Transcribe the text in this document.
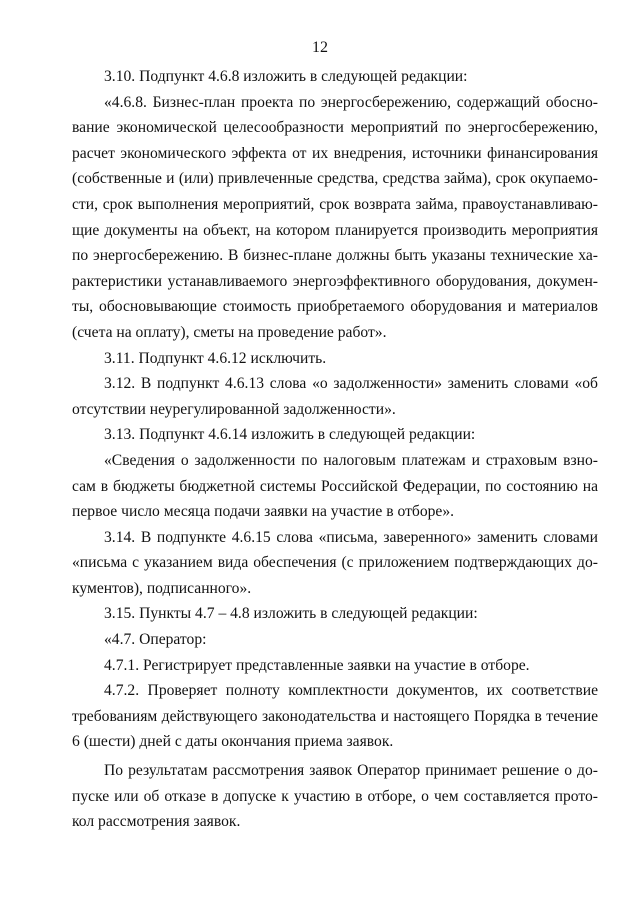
12

3.10. Подпункт 4.6.8 изложить в следующей редакции:

«4.6.8. Бизнес-план проекта по энергосбережению, содержащий обоснование экономической целесообразности мероприятий по энергосбережению, расчет экономического эффекта от их внедрения, источники финансирования (собственные и (или) привлеченные средства, средства займа), срок окупаемости, срок выполнения мероприятий, срок возврата займа, правоустанавливающие документы на объект, на котором планируется производить мероприятия по энергосбережению. В бизнес-плане должны быть указаны технические характеристики устанавливаемого энергоэффективного оборудования, документы, обосновывающие стоимость приобретаемого оборудования и материалов (счета на оплату), сметы на проведение работ».

3.11. Подпункт 4.6.12 исключить.

3.12. В подпункт 4.6.13 слова «о задолженности» заменить словами «об отсутствии неурегулированной задолженности».

3.13. Подпункт 4.6.14 изложить в следующей редакции:

«Сведения о задолженности по налоговым платежам и страховым взносам в бюджеты бюджетной системы Российской Федерации, по состоянию на первое число месяца подачи заявки на участие в отборе».

3.14. В подпункте 4.6.15 слова «письма, заверенного» заменить словами «письма с указанием вида обеспечения (с приложением подтверждающих документов), подписанного».

3.15. Пункты 4.7 – 4.8 изложить в следующей редакции:

«4.7. Оператор:

4.7.1. Регистрирует представленные заявки на участие в отборе.

4.7.2. Проверяет полноту комплектности документов, их соответствие требованиям действующего законодательства и настоящего Порядка в течение 6 (шести) дней с даты окончания приема заявок.

По результатам рассмотрения заявок Оператор принимает решение о допуске или об отказе в допуске к участию в отборе, о чем составляется протокол рассмотрения заявок.
